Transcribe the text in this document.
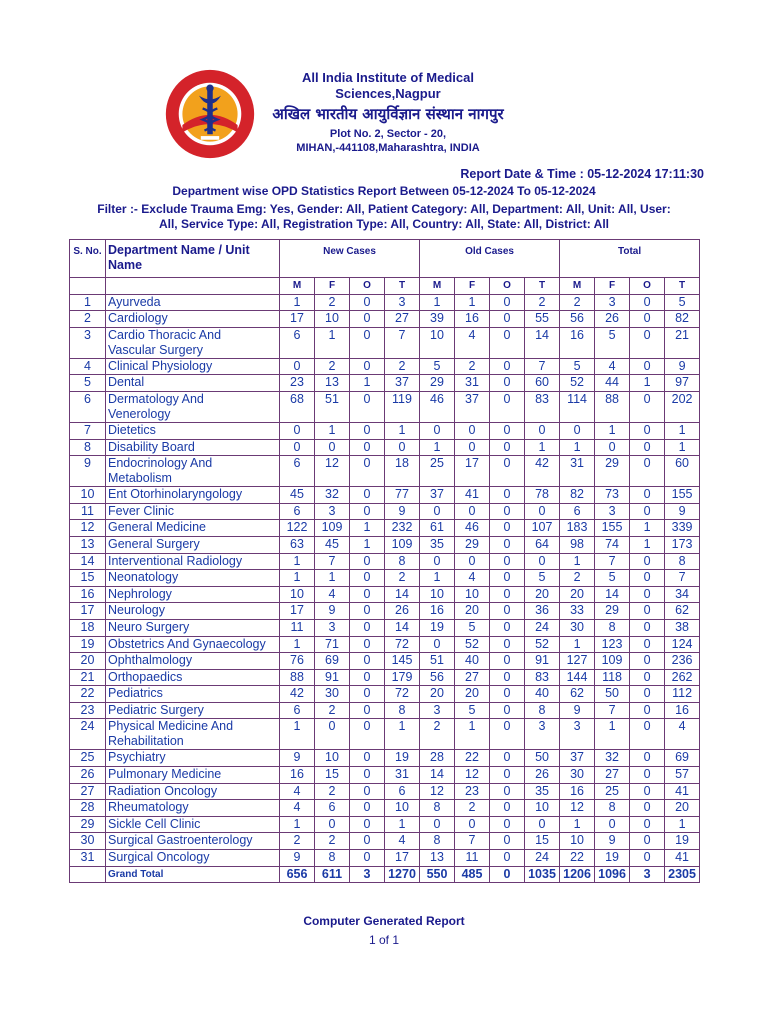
All India Institute of Medical
Sciences,Nagpur
अखिल भारतीय आयुर्विज्ञान संस्थान नागपुर
Plot No. 2, Sector - 20,
MIHAN,-441108,Maharashtra, INDIA
Report Date & Time : 05-12-2024 17:11:30
Department wise OPD Statistics Report Between 05-12-2024 To 05-12-2024
Filter :- Exclude Trauma Emg: Yes, Gender: All, Patient Category: All, Department: All, Unit: All, User:
All, Service Type: All, Registration Type: All, Country: All, State: All, District: All
S. No.	Department Name / Unit Name	New Cases				Old Cases				Total			
		M	F	O	T	M	F	O	T	M	F	O	T
1	Ayurveda	1	2	0	3	1	1	0	2	2	3	0	5
2	Cardiology	17	10	0	27	39	16	0	55	56	26	0	82
3	Cardio Thoracic And
Vascular Surgery	6	1	0	7	10	4	0	14	16	5	0	21
4	Clinical Physiology	0	2	0	2	5	2	0	7	5	4	0	9
5	Dental	23	13	1	37	29	31	0	60	52	44	1	97
6	Dermatology And
Venerology	68	51	0	119	46	37	0	83	114	88	0	202
7	Dietetics	0	1	0	1	0	0	0	0	0	1	0	1
8	Disability Board	0	0	0	0	1	0	0	1	1	0	0	1
9	Endocrinology And
Metabolism	6	12	0	18	25	17	0	42	31	29	0	60
10	Ent Otorhinolaryngology	45	32	0	77	37	41	0	78	82	73	0	155
11	Fever Clinic	6	3	0	9	0	0	0	0	6	3	0	9
12	General Medicine	122	109	1	232	61	46	0	107	183	155	1	339
13	General Surgery	63	45	1	109	35	29	0	64	98	74	1	173
14	Interventional Radiology	1	7	0	8	0	0	0	0	1	7	0	8
15	Neonatology	1	1	0	2	1	4	0	5	2	5	0	7
16	Nephrology	10	4	0	14	10	10	0	20	20	14	0	34
17	Neurology	17	9	0	26	16	20	0	36	33	29	0	62
18	Neuro Surgery	11	3	0	14	19	5	0	24	30	8	0	38
19	Obstetrics And Gynaecology	1	71	0	72	0	52	0	52	1	123	0	124
20	Ophthalmology	76	69	0	145	51	40	0	91	127	109	0	236
21	Orthopaedics	88	91	0	179	56	27	0	83	144	118	0	262
22	Pediatrics	42	30	0	72	20	20	0	40	62	50	0	112
23	Pediatric Surgery	6	2	0	8	3	5	0	8	9	7	0	16
24	Physical Medicine And
Rehabilitation	1	0	0	1	2	1	0	3	3	1	0	4
25	Psychiatry	9	10	0	19	28	22	0	50	37	32	0	69
26	Pulmonary Medicine	16	15	0	31	14	12	0	26	30	27	0	57
27	Radiation Oncology	4	2	0	6	12	23	0	35	16	25	0	41
28	Rheumatology	4	6	0	10	8	2	0	10	12	8	0	20
29	Sickle Cell Clinic	1	0	0	1	0	0	0	0	1	0	0	1
30	Surgical Gastroenterology	2	2	0	4	8	7	0	15	10	9	0	19
31	Surgical Oncology	9	8	0	17	13	11	0	24	22	19	0	41
	Grand Total	656	611	3	1270	550	485	0	1035	1206	1096	3	2305
Computer Generated Report
1 of 1
